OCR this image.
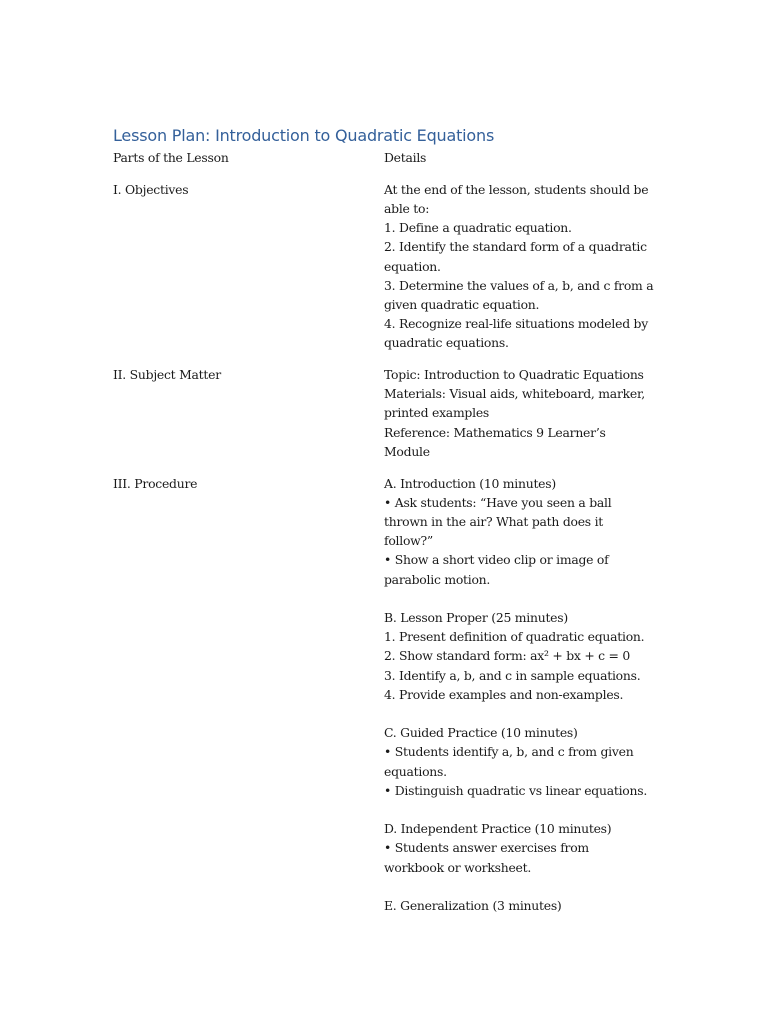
Lesson Plan: Introduction to Quadratic Equations
Parts of the Lesson	Details
I. Objectives	At the end of the lesson, students should be
able to:
1. Define a quadratic equation.
2. Identify the standard form of a quadratic
equation.
3. Determine the values of a, b, and c from a
given quadratic equation.
4. Recognize real-life situations modeled by
quadratic equations.
II. Subject Matter	Topic: Introduction to Quadratic Equations
Materials: Visual aids, whiteboard, marker,
printed examples
Reference: Mathematics 9 Learner’s
Module
III. Procedure	A. Introduction (10 minutes)
• Ask students: “Have you seen a ball
thrown in the air? What path does it
follow?”
• Show a short video clip or image of
parabolic motion.
B. Lesson Proper (25 minutes)
1. Present definition of quadratic equation.
2. Show standard form: ax² + bx + c = 0
3. Identify a, b, and c in sample equations.
4. Provide examples and non-examples.
C. Guided Practice (10 minutes)
• Students identify a, b, and c from given
equations.
• Distinguish quadratic vs linear equations.
D. Independent Practice (10 minutes)
• Students answer exercises from
workbook or worksheet.
E. Generalization (3 minutes)
